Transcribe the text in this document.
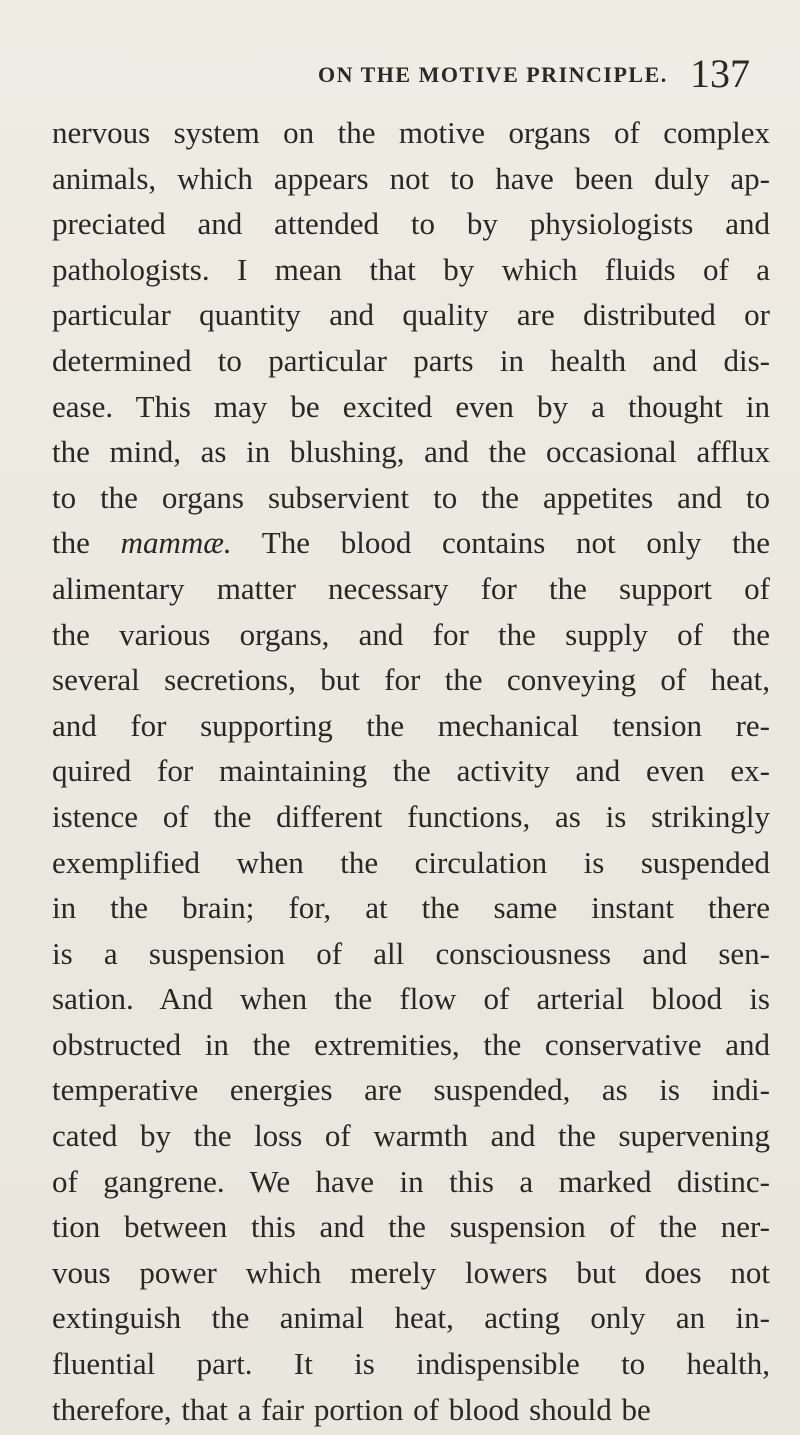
ON THE MOTIVE PRINCIPLE. 137
nervous system on the motive organs of complex
animals, which appears not to have been duly ap-
preciated and attended to by physiologists and
pathologists. I mean that by which fluids of a
particular quantity and quality are distributed or
determined to particular parts in health and dis-
ease. This may be excited even by a thought in
the mind, as in blushing, and the occasional afflux
to the organs subservient to the appetites and to
the mammæ. The blood contains not only the
alimentary matter necessary for the support of
the various organs, and for the supply of the
several secretions, but for the conveying of heat,
and for supporting the mechanical tension re-
quired for maintaining the activity and even ex-
istence of the different functions, as is strikingly
exemplified when the circulation is suspended
in the brain; for, at the same instant there
is a suspension of all consciousness and sen-
sation. And when the flow of arterial blood is
obstructed in the extremities, the conservative and
temperative energies are suspended, as is indi-
cated by the loss of warmth and the supervening
of gangrene. We have in this a marked distinc-
tion between this and the suspension of the ner-
vous power which merely lowers but does not
extinguish the animal heat, acting only an in-
fluential part. It is indispensible to health,
therefore, that a fair portion of blood should be
